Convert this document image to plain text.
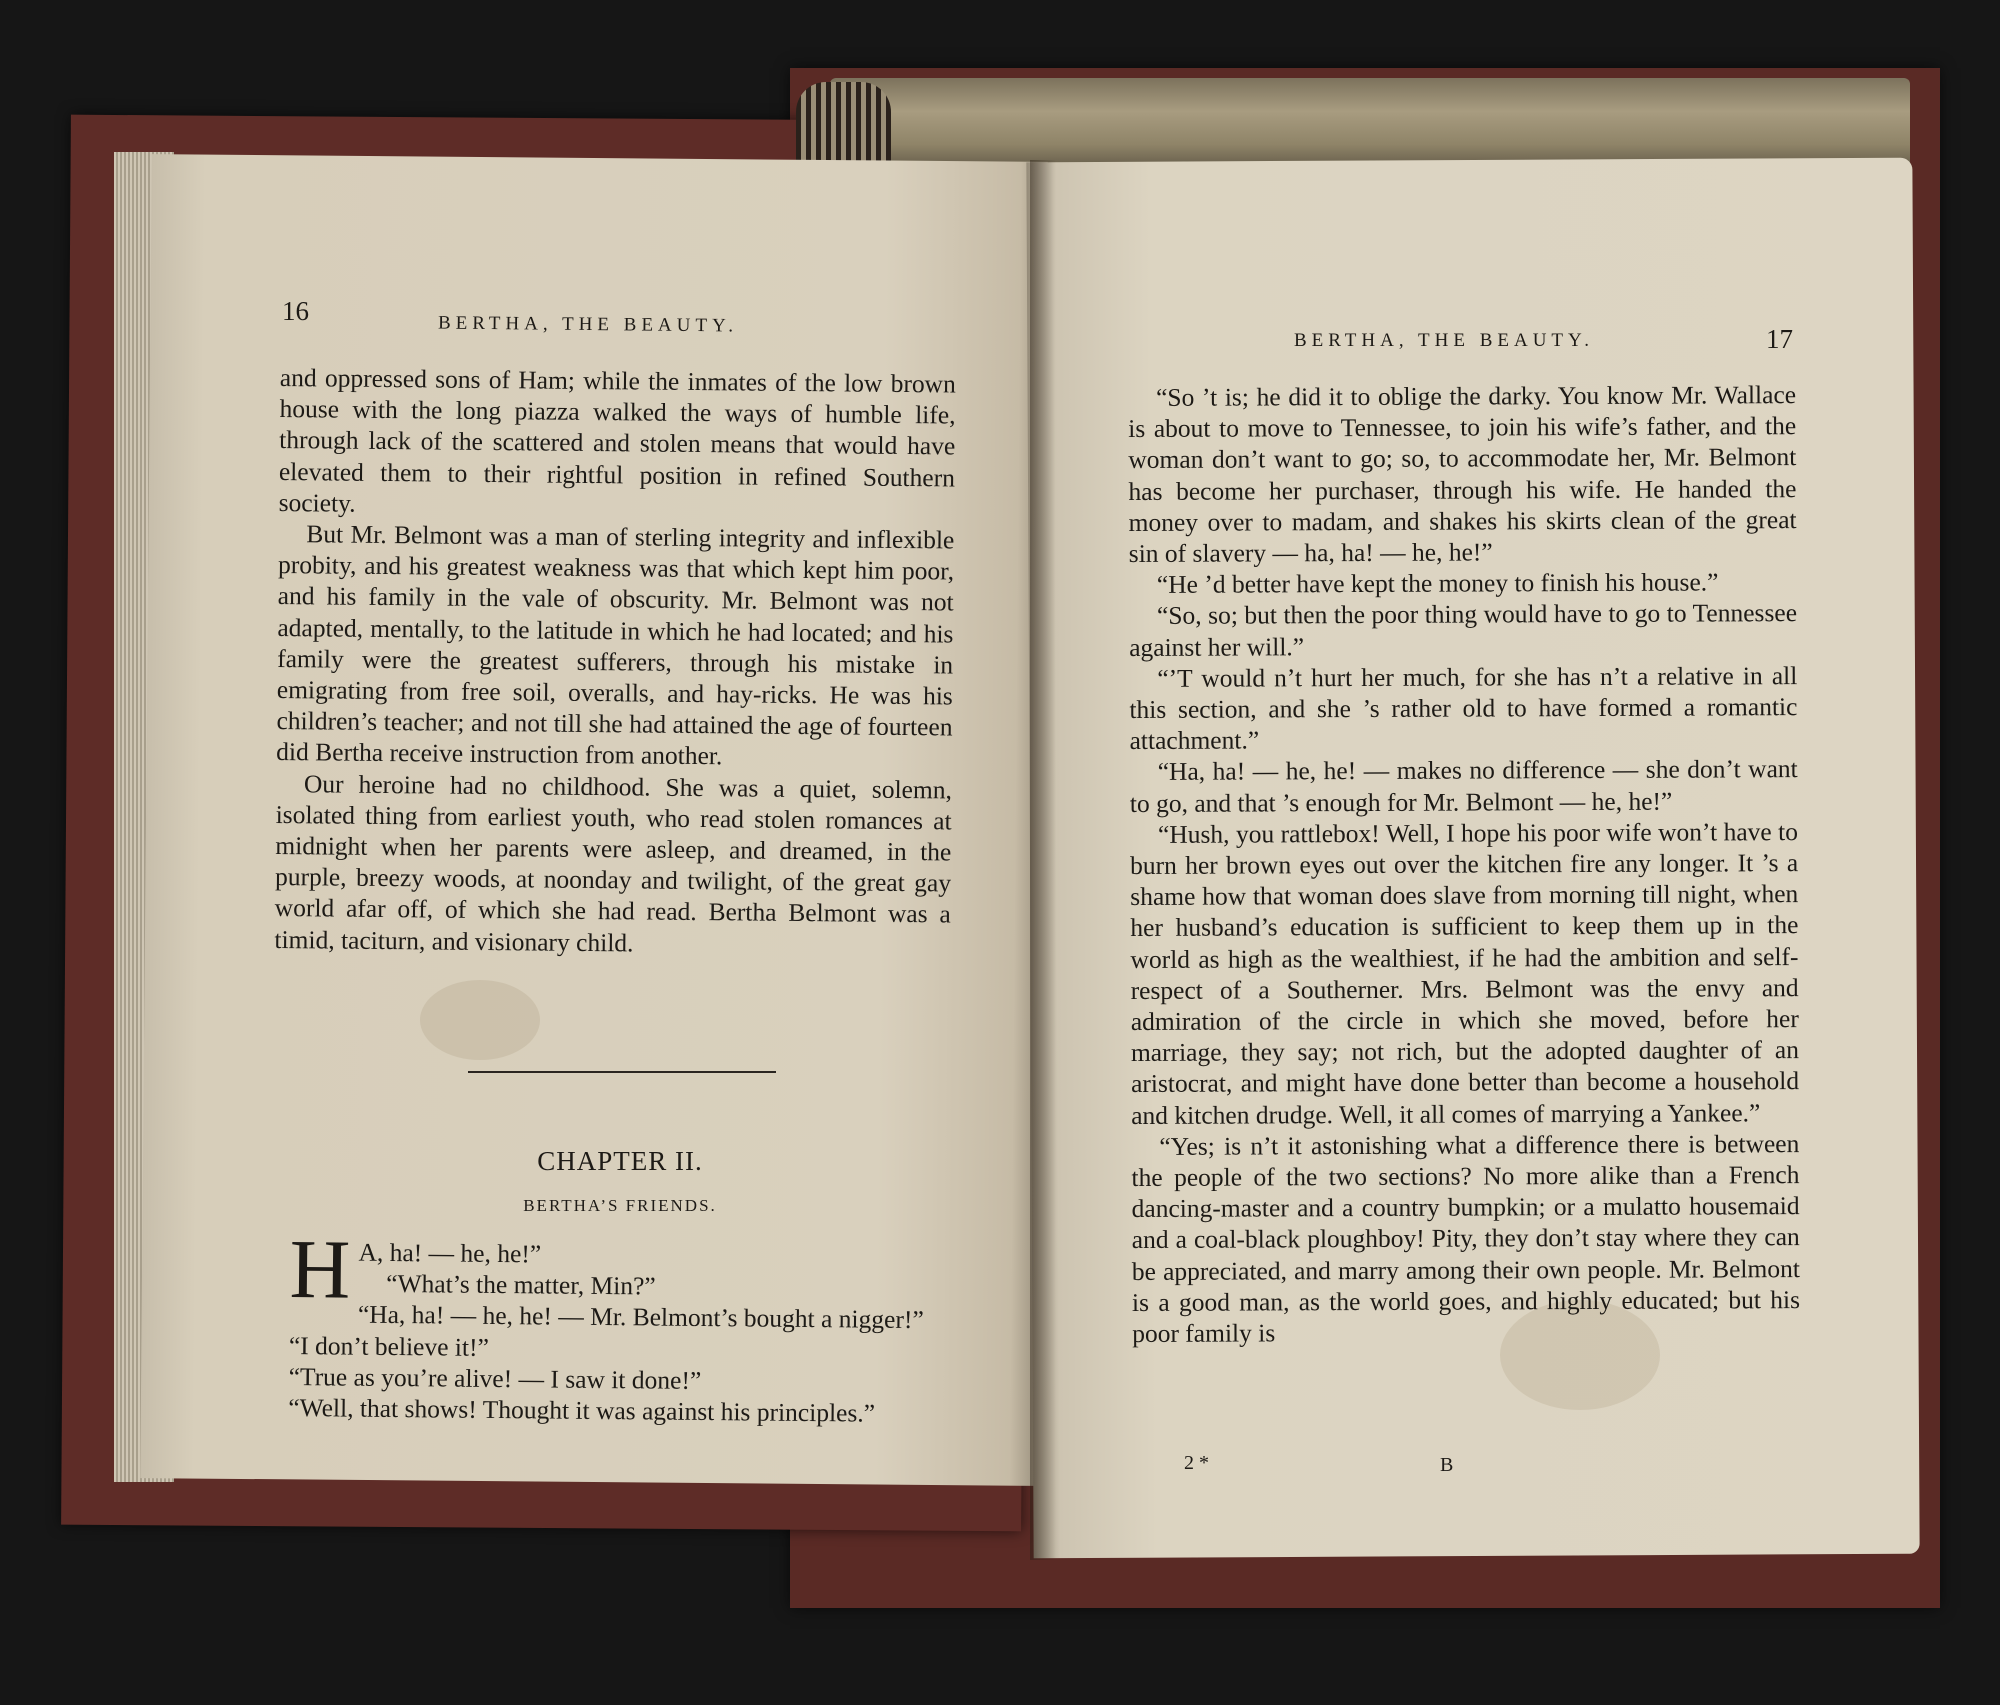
16	BERTHA, THE BEAUTY.

and oppressed sons of Ham; while the inmates of the low brown house with the long piazza walked the ways of humble life, through lack of the scattered and stolen means that would have elevated them to their rightful position in refined Southern society.

But Mr. Belmont was a man of sterling integrity and inflexible probity, and his greatest weakness was that which kept him poor, and his family in the vale of obscurity. Mr. Belmont was not adapted, mentally, to the latitude in which he had located; and his family were the greatest sufferers, through his mistake in emigrating from free soil, overalls, and hay-ricks. He was his children’s teacher; and not till she had attained the age of fourteen did Bertha receive instruction from another.

Our heroine had no childhood. She was a quiet, solemn, isolated thing from earliest youth, who read stolen romances at midnight when her parents were asleep, and dreamed, in the purple, breezy woods, at noonday and twilight, of the great gay world afar off, of which she had read. Bertha Belmont was a timid, taciturn, and visionary child.

CHAPTER II.
BERTHA’S FRIENDS.
H A, ha! — he, he!”

“What’s the matter, Min?”

“Ha, ha! — he, he! — Mr. Belmont’s bought a nigger!”

“I don’t believe it!”

“True as you’re alive! — I saw it done!”

“Well, that shows! Thought it was against his principles.”

BERTHA, THE BEAUTY.	17

“So ’t is; he did it to oblige the darky. You know Mr. Wallace is about to move to Tennessee, to join his wife’s father, and the woman don’t want to go; so, to accommodate her, Mr. Belmont has become her purchaser, through his wife. He handed the money over to madam, and shakes his skirts clean of the great sin of slavery — ha, ha! — he, he!”

“He ’d better have kept the money to finish his house.”

“So, so; but then the poor thing would have to go to Tennessee against her will.”

“’T would n’t hurt her much, for she has n’t a relative in all this section, and she ’s rather old to have formed a romantic attachment.”

“Ha, ha! — he, he! — makes no difference — she don’t want to go, and that ’s enough for Mr. Belmont — he, he!”

“Hush, you rattlebox! Well, I hope his poor wife won’t have to burn her brown eyes out over the kitchen fire any longer. It ’s a shame how that woman does slave from morning till night, when her husband’s education is sufficient to keep them up in the world as high as the wealthiest, if he had the ambition and self-respect of a Southerner. Mrs. Belmont was the envy and admiration of the circle in which she moved, before her marriage, they say; not rich, but the adopted daughter of an aristocrat, and might have done better than become a household and kitchen drudge. Well, it all comes of marrying a Yankee.”

“Yes; is n’t it astonishing what a difference there is between the people of the two sections? No more alike than a French dancing-master and a country bumpkin; or a mulatto housemaid and a coal-black ploughboy! Pity, they don’t stay where they can be appreciated, and marry among their own people. Mr. Belmont is a good man, as the world goes, and highly educated; but his poor family is

2 *	B
